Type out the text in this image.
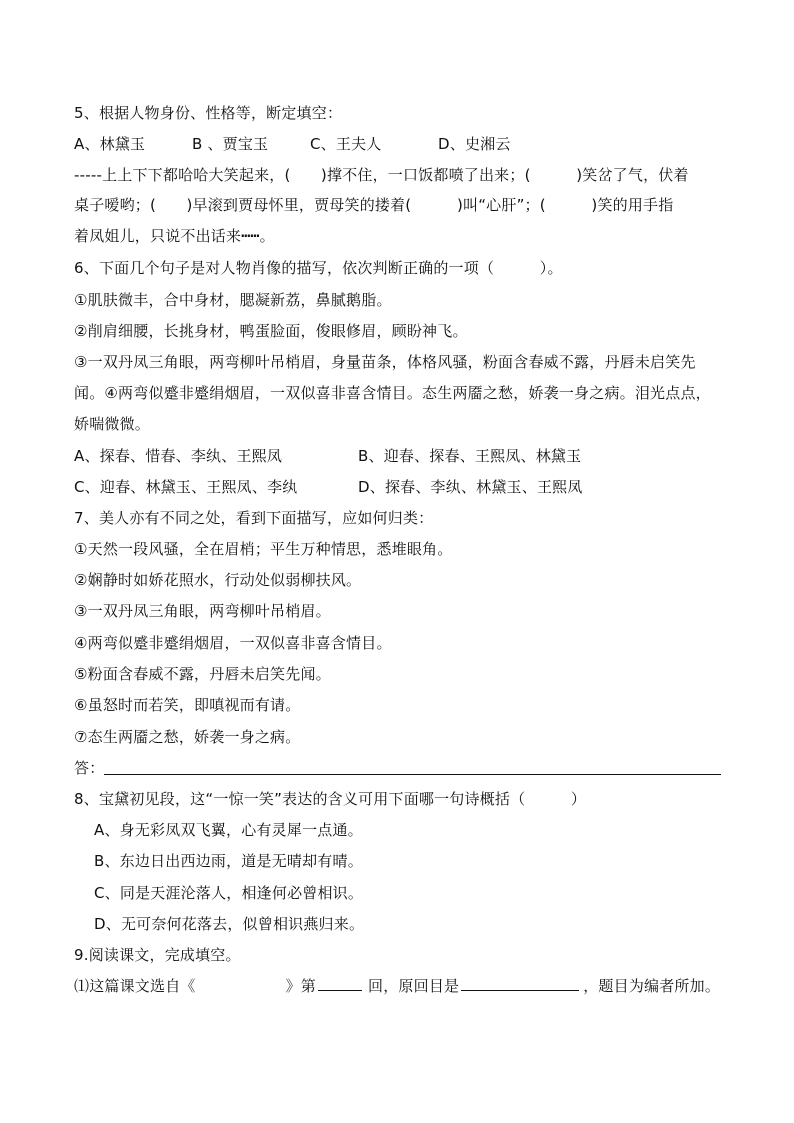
5、根据人物身份、性格等，断定填空：
A、林黛玉	B 、贾宝玉	C、王夫人	D、史湘云
-----上上下下都哈哈大笑起来，(　　)撑不住，一口饭都喷了出来；(　　　)笑岔了气，伏着
桌子嗳哟；(　　)早滚到贾母怀里，贾母笑的搂着(　　　)叫“心肝”；(　　　)笑的用手指
着凤姐儿，只说不出话来┅┅。
6、下面几个句子是对人物肖像的描写，依次判断正确的一项（　　　）。
①肌肤微丰，合中身材，腮凝新荔，鼻腻鹅脂。
②削肩细腰，长挑身材，鸭蛋脸面，俊眼修眉，顾盼神飞。
③一双丹凤三角眼，两弯柳叶吊梢眉，身量苗条，体格风骚，粉面含春威不露，丹唇未启笑先
闻。④两弯似蹙非蹙绢烟眉，一双似喜非喜含情目。态生两靥之愁，娇袭一身之病。泪光点点，
娇喘微微。
A、探春、惜春、李纨、王熙凤	B、迎春、探春、王熙凤、林黛玉
C、迎春、林黛玉、王熙凤、李纨	D、探春、李纨、林黛玉、王熙凤
7、美人亦有不同之处，看到下面描写，应如何归类：
①天然一段风骚，全在眉梢；平生万种情思，悉堆眼角。
②娴静时如娇花照水，行动处似弱柳扶风。
③一双丹凤三角眼，两弯柳叶吊梢眉。
④两弯似蹙非蹙绢烟眉，一双似喜非喜含情目。
⑤粉面含春威不露，丹唇未启笑先闻。
⑥虽怒时而若笑，即嗔视而有请。
⑦态生两靥之愁，娇袭一身之病。
答：
8、宝黛初见段，这“一惊一笑”表达的含义可用下面哪一句诗概括（　　　）
A、身无彩凤双飞翼，心有灵犀一点通。
B、东边日出西边雨，道是无晴却有晴。
C、同是天涯沦落人，相逢何必曾相识。
D、无可奈何花落去，似曾相识燕归来。
9.阅读课文，完成填空。
⑴这篇课文选自《	》第	回，原回目是	，题目为编者所加。
